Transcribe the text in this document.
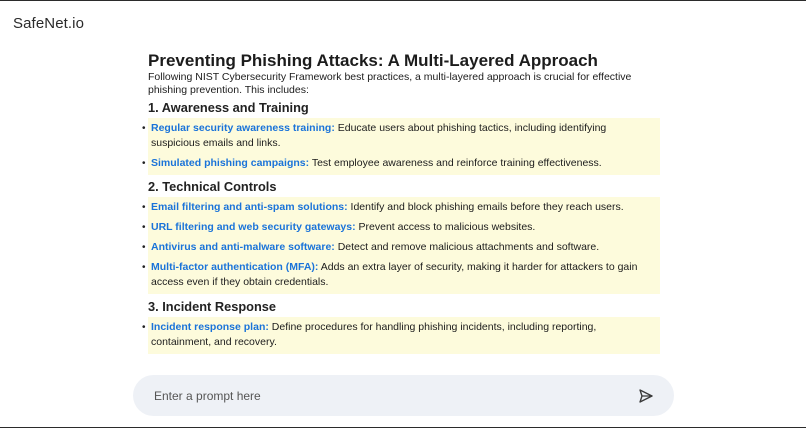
SafeNet.io
Preventing Phishing Attacks: A Multi-Layered Approach
Following NIST Cybersecurity Framework best practices, a multi-layered approach is crucial for effective phishing prevention. This includes:
1. Awareness and Training
• Regular security awareness training: Educate users about phishing tactics, including identifying suspicious emails and links.
• Simulated phishing campaigns: Test employee awareness and reinforce training effectiveness.
2. Technical Controls
• Email filtering and anti-spam solutions: Identify and block phishing emails before they reach users.
• URL filtering and web security gateways: Prevent access to malicious websites.
• Antivirus and anti-malware software: Detect and remove malicious attachments and software.
• Multi-factor authentication (MFA): Adds an extra layer of security, making it harder for attackers to gain access even if they obtain credentials.
3. Incident Response
• Incident response plan: Define procedures for handling phishing incidents, including reporting, containment, and recovery.
Enter a prompt here
